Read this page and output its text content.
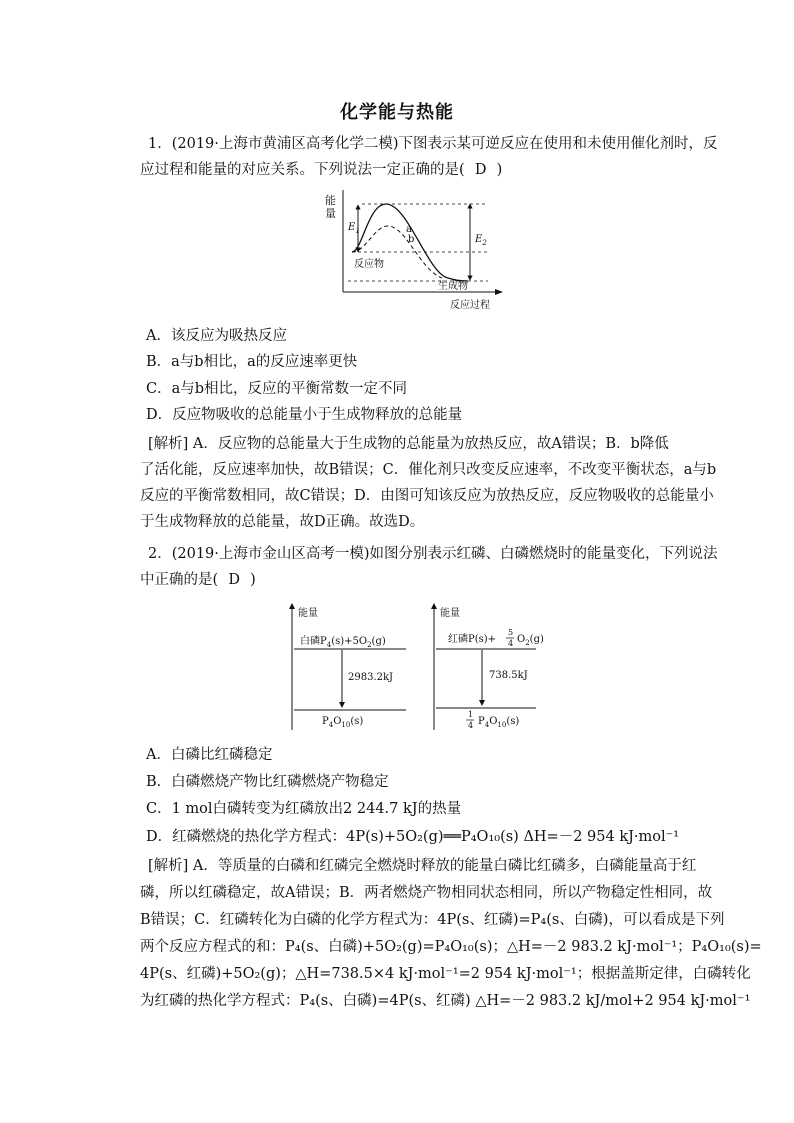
化学能与热能
1．(2019·上海市黄浦区高考化学二模)下图表示某可逆反应在使用和未使用催化剂时，反
应过程和能量的对应关系。下列说法一定正确的是( D )
能
量
$E_1$
$E_2$
a
b
反应物
生成物
反应过程
A．该反应为吸热反应
B．a与b相比，a的反应速率更快
C．a与b相比，反应的平衡常数一定不同
D．反应物吸收的总能量小于生成物释放的总能量
[解析] A．反应物的总能量大于生成物的总能量为放热反应，故A错误；B．b降低
了活化能，反应速率加快，故B错误；C．催化剂只改变反应速率，不改变平衡状态，a与b
反应的平衡常数相同，故C错误；D．由图可知该反应为放热反应，反应物吸收的总能量小
于生成物释放的总能量，故D正确。故选D。
2．(2019·上海市金山区高考一模)如图分别表示红磷、白磷燃烧时的能量变化，下列说法
中正确的是( D )
能量
白磷$P_4(s)+5O_2(g)$
2983.2kJ
$P_4O_{10}(s)$
能量
红磷P(s)+
5
4 $O_2(g)$
738.5kJ
1
4 $P_4O_{10}(s)$
A．白磷比红磷稳定
B．白磷燃烧产物比红磷燃烧产物稳定
C．1 mol白磷转变为红磷放出2 244.7 kJ的热量
D．红磷燃烧的热化学方程式：4P(s)+5O₂(g)══P₄O₁₀(s) ΔH=－2 954 kJ·mol⁻¹
[解析] A．等质量的白磷和红磷完全燃烧时释放的能量白磷比红磷多，白磷能量高于红
磷，所以红磷稳定，故A错误；B．两者燃烧产物相同状态相同，所以产物稳定性相同，故
B错误；C．红磷转化为白磷的化学方程式为：4P(s、红磷)=P₄(s、白磷)，可以看成是下列
两个反应方程式的和：P₄(s、白磷)+5O₂(g)=P₄O₁₀(s)；△H=－2 983.2 kJ·mol⁻¹；P₄O₁₀(s)=
4P(s、红磷)+5O₂(g)；△H=738.5×4 kJ·mol⁻¹=2 954 kJ·mol⁻¹；根据盖斯定律，白磷转化
为红磷的热化学方程式：P₄(s、白磷)=4P(s、红磷) △H=－2 983.2 kJ/mol+2 954 kJ·mol⁻¹
